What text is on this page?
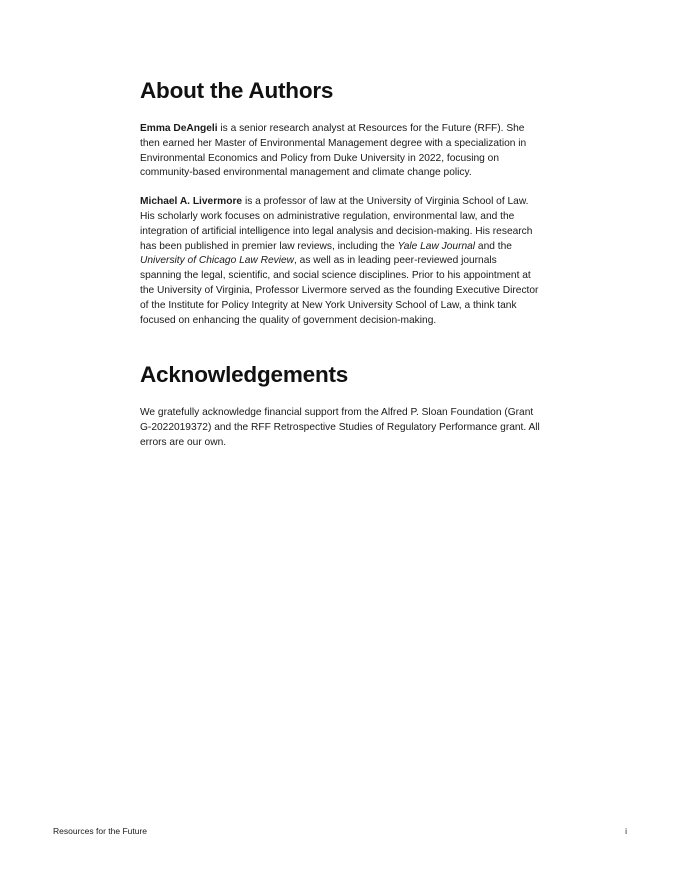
About the Authors

Emma DeAngeli is a senior research analyst at Resources for the Future (RFF). She then earned her Master of Environmental Management degree with a specialization in Environmental Economics and Policy from Duke University in 2022, focusing on community-based environmental management and climate change policy.

Michael A. Livermore is a professor of law at the University of Virginia School of Law. His scholarly work focuses on administrative regulation, environmental law, and the integration of artificial intelligence into legal analysis and decision-making. His research has been published in premier law reviews, including the Yale Law Journal and the University of Chicago Law Review, as well as in leading peer-reviewed journals spanning the legal, scientific, and social science disciplines. Prior to his appointment at the University of Virginia, Professor Livermore served as the founding Executive Director of the Institute for Policy Integrity at New York University School of Law, a think tank focused on enhancing the quality of government decision-making.

Acknowledgements

We gratefully acknowledge financial support from the Alfred P. Sloan Foundation (Grant G-2022019372) and the RFF Retrospective Studies of Regulatory Performance grant. All errors are our own.

Resources for the Future	i
